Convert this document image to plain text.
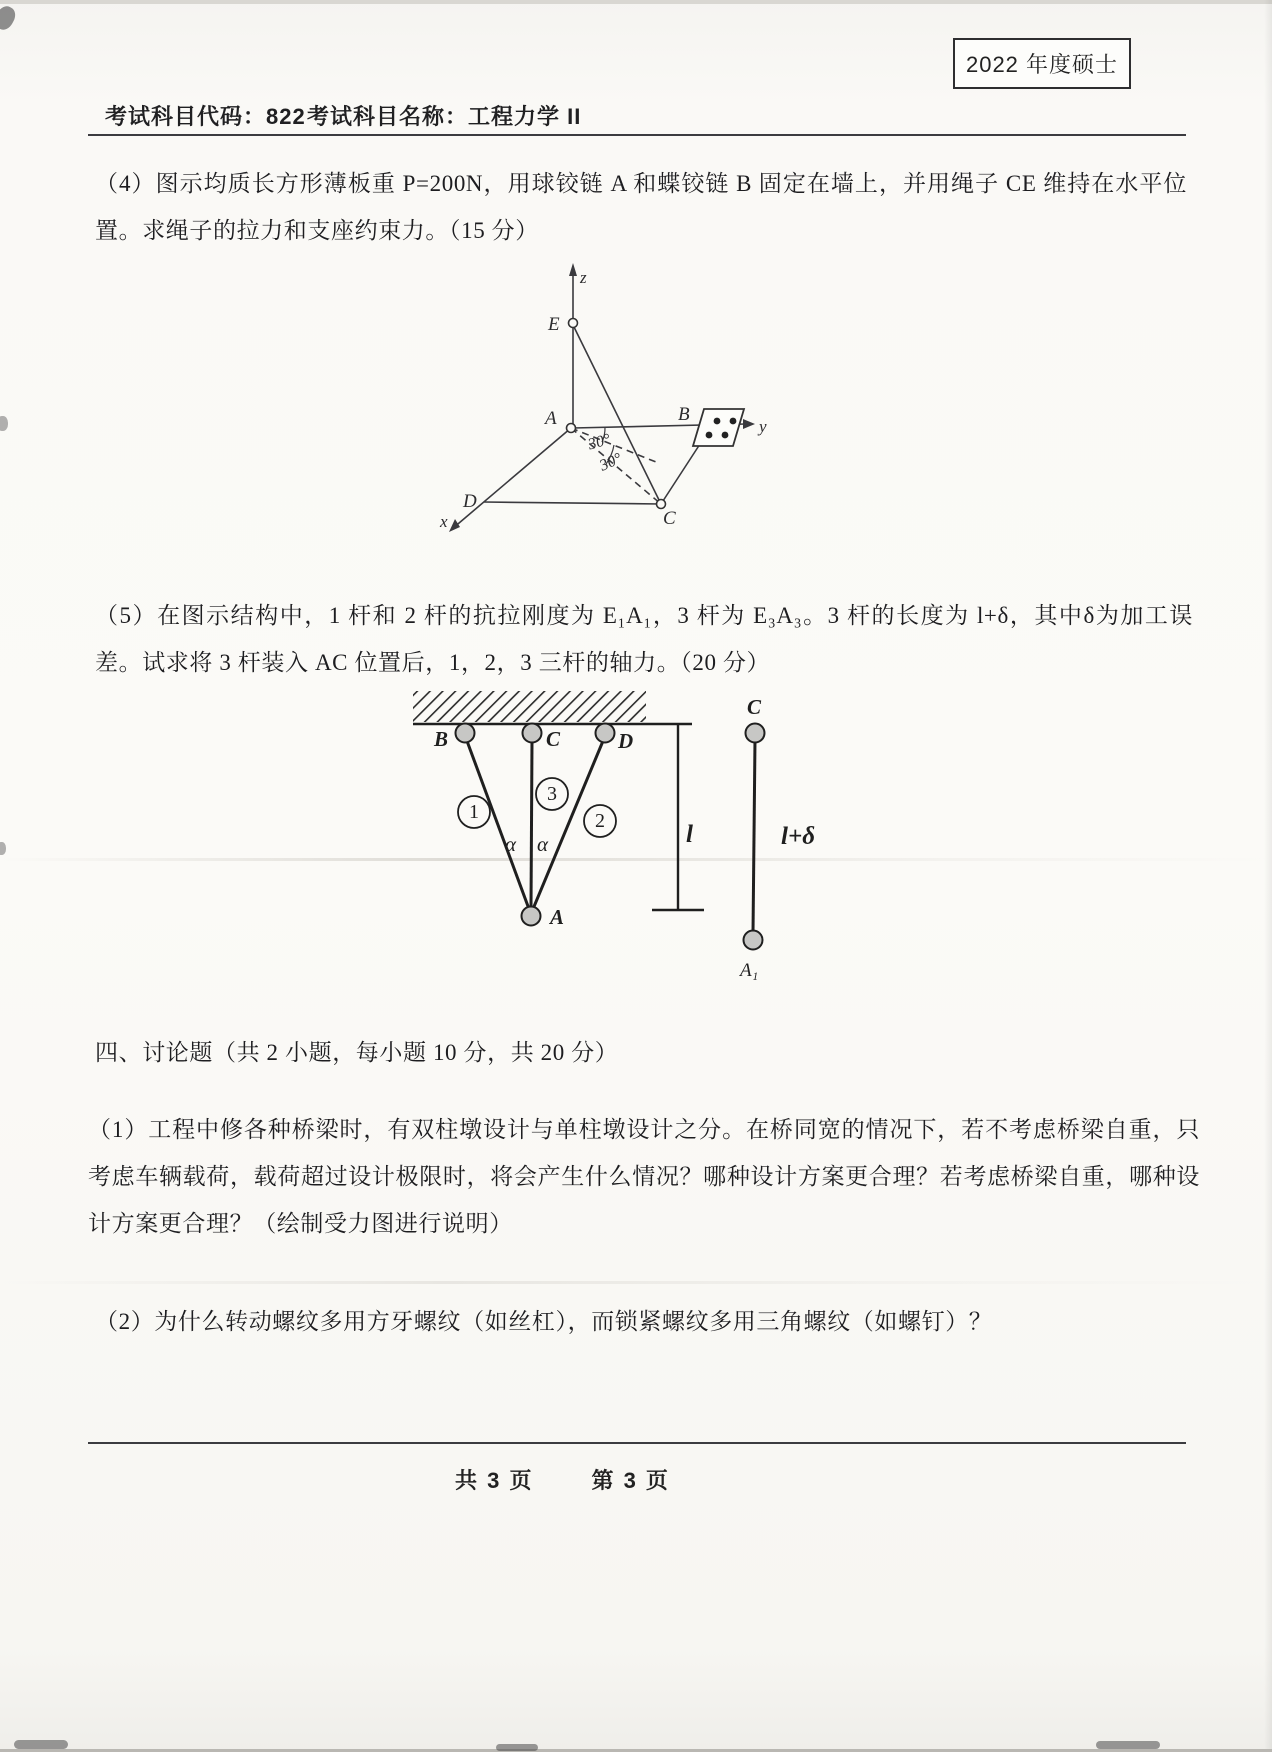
2022 年度硕士
考试科目代码：822 考试科目名称：工程力学 II
（4）图示均质长方形薄板重 P=200N，用球铰链 A 和蝶铰链 B 固定在墙上，并用绳子 CE 维持在水平位置。求绳子的拉力和支座约束力。（15 分）
z
y
x
E
A	B
C
D
30°
30°
（5）在图示结构中，1 杆和 2 杆的抗拉刚度为 E₁A₁，3 杆为 E₃A₃。3 杆的长度为 l+δ，其中δ为加工误差。试求将 3 杆装入 AC 位置后，1，2，3 三杆的轴力。（20 分）
1
3
2
B	C	D
A
C
α α
A₁
l	l+δ
四、讨论题（共 2 小题，每小题 10 分，共 20 分）
（1）工程中修各种桥梁时，有双柱墩设计与单柱墩设计之分。在桥同宽的情况下，若不考虑桥梁自重，只考虑车辆载荷，载荷超过设计极限时，将会产生什么情况？哪种设计方案更合理？若考虑桥梁自重，哪种设计方案更合理？（绘制受力图进行说明）
（2）为什么转动螺纹多用方牙螺纹（如丝杠），而锁紧螺纹多用三角螺纹（如螺钉）？
共 3 页	第 3 页
